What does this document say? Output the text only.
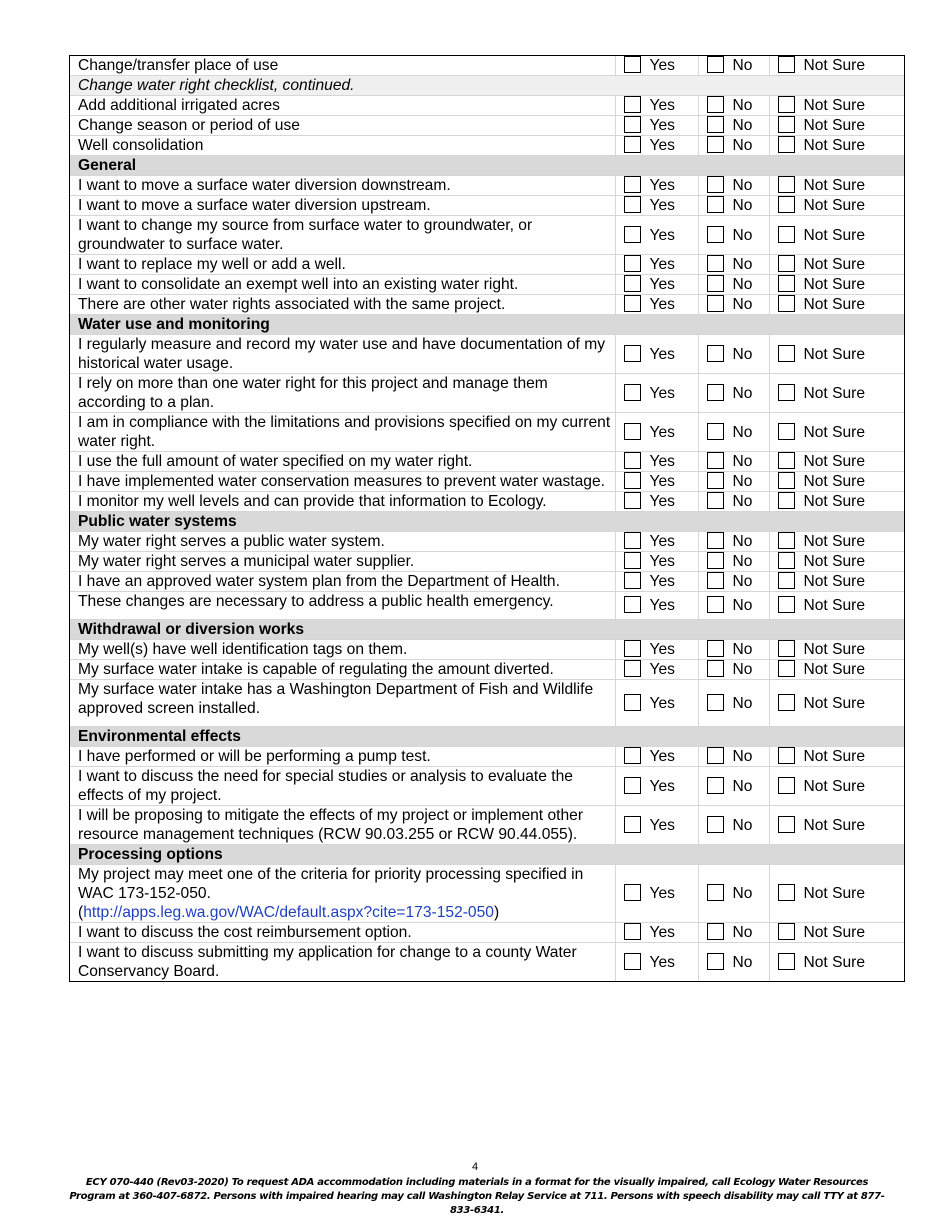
Change/transfer place of use	Yes	No	Not Sure
Change water right checklist, continued.			
Add additional irrigated acres	Yes	No	Not Sure
Change season or period of use	Yes	No	Not Sure
Well consolidation	Yes	No	Not Sure
General			
I want to move a surface water diversion downstream.	Yes	No	Not Sure
I want to move a surface water diversion upstream.	Yes	No	Not Sure
I want to change my source from surface water to groundwater, or groundwater to surface water.	Yes	No	Not Sure
I want to replace my well or add a well.	Yes	No	Not Sure
I want to consolidate an exempt well into an existing water right.	Yes	No	Not Sure
There are other water rights associated with the same project.	Yes	No	Not Sure
Water use and monitoring			
I regularly measure and record my water use and have documentation of my historical water usage.	Yes	No	Not Sure
I rely on more than one water right for this project and manage them according to a plan.	Yes	No	Not Sure
I am in compliance with the limitations and provisions specified on my current water right.	Yes	No	Not Sure
I use the full amount of water specified on my water right.	Yes	No	Not Sure
I have implemented water conservation measures to prevent water wastage.	Yes	No	Not Sure
I monitor my well levels and can provide that information to Ecology.	Yes	No	Not Sure
Public water systems			
My water right serves a public water system.	Yes	No	Not Sure
My water right serves a municipal water supplier.	Yes	No	Not Sure
I have an approved water system plan from the Department of Health.	Yes	No	Not Sure
These changes are necessary to address a public health emergency.	Yes	No	Not Sure
Withdrawal or diversion works			
My well(s) have well identification tags on them.	Yes	No	Not Sure
My surface water intake is capable of regulating the amount diverted.	Yes	No	Not Sure
My surface water intake has a Washington Department of Fish and Wildlife approved screen installed.	Yes	No	Not Sure
Environmental effects			
I have performed or will be performing a pump test.	Yes	No	Not Sure
I want to discuss the need for special studies or analysis to evaluate the effects of my project.	Yes	No	Not Sure
I will be proposing to mitigate the effects of my project or implement other resource management techniques (RCW 90.03.255 or RCW 90.44.055).	Yes	No	Not Sure
Processing options			
My project may meet one of the criteria for priority processing specified in WAC 173-152-050.
(http://apps.leg.wa.gov/WAC/default.aspx?cite=173-152-050)	Yes	No	Not Sure
I want to discuss the cost reimbursement option.	Yes	No	Not Sure
I want to discuss submitting my application for change to a county Water Conservancy Board.	Yes	No	Not Sure
4
ECY 070-440 (Rev03-2020) To request ADA accommodation including materials in a format for the visually impaired, call Ecology Water Resources Program at 360-407-6872. Persons with impaired hearing may call Washington Relay Service at 711. Persons with speech disability may call TTY at 877-833-6341.
